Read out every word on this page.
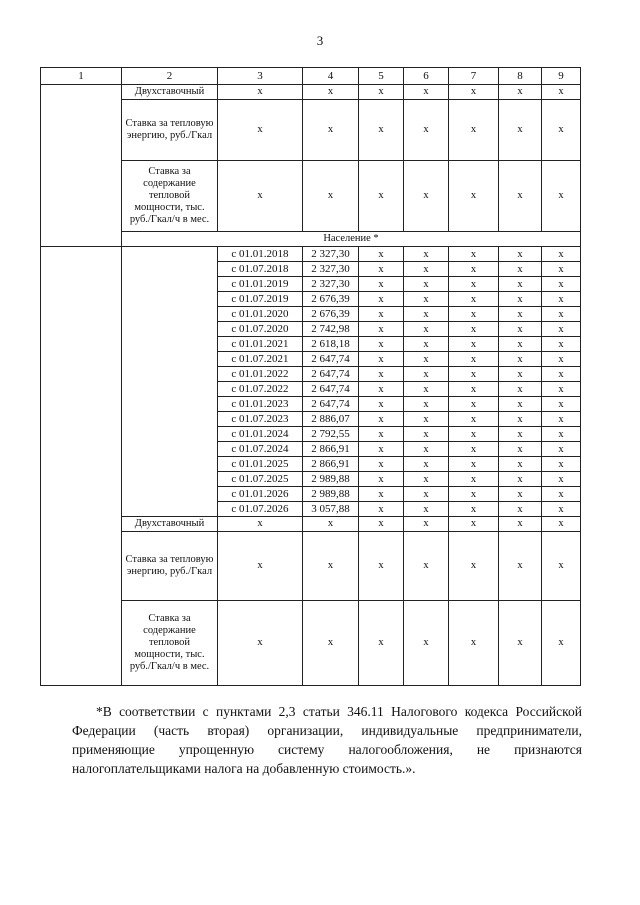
3
1	2	3	4	5	6	7	8	9
	Двухставочный	х	х	х	х	х	х	х
	Ставка за тепловую энергию, руб./Гкал	х	х	х	х	х	х	х
	Ставка за содержание тепловой мощности, тыс. руб./Гкал/ч в мес.	х	х	х	х	х	х	х
	Население *							
		с 01.01.2018	2 327,30	х	х	х	х	х
		с 01.07.2018	2 327,30	х	х	х	х	х
		с 01.01.2019	2 327,30	х	х	х	х	х
		с 01.07.2019	2 676,39	х	х	х	х	х
		с 01.01.2020	2 676,39	х	х	х	х	х
		с 01.07.2020	2 742,98	х	х	х	х	х
		с 01.01.2021	2 618,18	х	х	х	х	х
		с 01.07.2021	2 647,74	х	х	х	х	х
		с 01.01.2022	2 647,74	х	х	х	х	х
		с 01.07.2022	2 647,74	х	х	х	х	х
		с 01.01.2023	2 647,74	х	х	х	х	х
		с 01.07.2023	2 886,07	х	х	х	х	х
		с 01.01.2024	2 792,55	х	х	х	х	х
		с 01.07.2024	2 866,91	х	х	х	х	х
		с 01.01.2025	2 866,91	х	х	х	х	х
		с 01.07.2025	2 989,88	х	х	х	х	х
		с 01.01.2026	2 989,88	х	х	х	х	х
		с 01.07.2026	3 057,88	х	х	х	х	х
	Двухставочный	х	х	х	х	х	х	х
	Ставка за тепловую энергию, руб./Гкал	х	х	х	х	х	х	х
	Ставка за содержание тепловой мощности, тыс. руб./Гкал/ч в мес.	х	х	х	х	х	х	х
*В соответствии с пунктами 2,3 статьи 346.11 Налогового кодекса Российской Федерации (часть вторая) организации, индивидуальные предприниматели, применяющие упрощенную систему налогообложения, не признаются налогоплательщиками налога на добавленную стоимость.».
